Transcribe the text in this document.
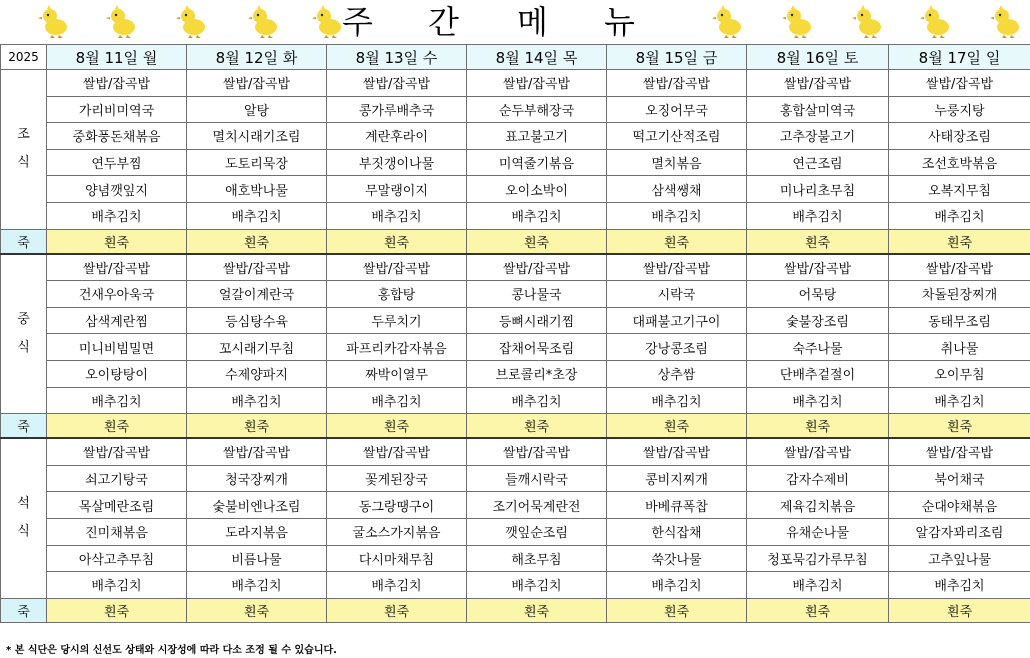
주 간 메 뉴
2025	8월 11일 월	8월 12일 화	8월 13일 수	8월 14일 목	8월 15일 금	8월 16일 토	8월 17일 일

조
식	쌀밥/잡곡밥	쌀밥/잡곡밥	쌀밥/잡곡밥	쌀밥/잡곡밥	쌀밥/잡곡밥	쌀밥/잡곡밥	쌀밥/잡곡밥
	가리비미역국	알탕	콩가루배추국	순두부해장국	오징어무국	홍합살미역국	누룽지탕
	중화풍돈채볶음	멸치시래기조림	계란후라이	표고불고기	떡고기산적조림	고추장불고기	사태장조림
	연두부찜	도토리묵장	부짓갱이나물	미역줄기볶음	멸치볶음	연근조림	조선호박볶음
	양념깻잎지	애호박나물	무말랭이지	오이소박이	삼색쌩채	미나리초무침	오복지무침
	배추김치	배추김치	배추김치	배추김치	배추김치	배추김치	배추김치
죽	흰죽	흰죽	흰죽	흰죽	흰죽	흰죽	흰죽

중
식	쌀밥/잡곡밥	쌀밥/잡곡밥	쌀밥/잡곡밥	쌀밥/잡곡밥	쌀밥/잡곡밥	쌀밥/잡곡밥	쌀밥/잡곡밥
	건새우아욱국	얼갈이계란국	홍합탕	콩나물국	시락국	어묵탕	차돌된장찌개
	삼색계란찜	등심탕수육	두루치기	등뼈시래기찜	대패불고기구이	숯불장조림	동태무조림
	미니비빔밀면	꼬시래기무침	파프리카감자볶음	잡채어묵조림	강낭콩조림	숙주나물	취나물
	오이탕탕이	수제양파지	짜박이열무	브로콜리*초장	상추쌈	단배추겉절이	오이무침
	배추김치	배추김치	배추김치	배추김치	배추김치	배추김치	배추김치
죽	흰죽	흰죽	흰죽	흰죽	흰죽	흰죽	흰죽

석
식	쌀밥/잡곡밥	쌀밥/잡곡밥	쌀밥/잡곡밥	쌀밥/잡곡밥	쌀밥/잡곡밥	쌀밥/잡곡밥	쌀밥/잡곡밥
	쇠고기탕국	청국장찌개	꽃게된장국	들깨시락국	콩비지찌개	감자수제비	북어채국
	목살메란조림	숯불비엔나조림	동그랑땡구이	조기어묵계란전	바베큐폭찹	제육김치볶음	순대야채볶음
	진미채볶음	도라지볶음	굴소스가지볶음	깻잎순조림	한식잡채	유채순나물	알감자꽈리조림
	아삭고추무침	비름나물	다시마채무침	해초무침	쑥갓나물	청포묵김가루무침	고추잎나물
	배추김치	배추김치	배추김치	배추김치	배추김치	배추김치	배추김치
죽	흰죽	흰죽	흰죽	흰죽	흰죽	흰죽	흰죽
* 본 식단은 당시의 신선도 상태와 시장성에 따라 다소 조정 될 수 있습니다.
